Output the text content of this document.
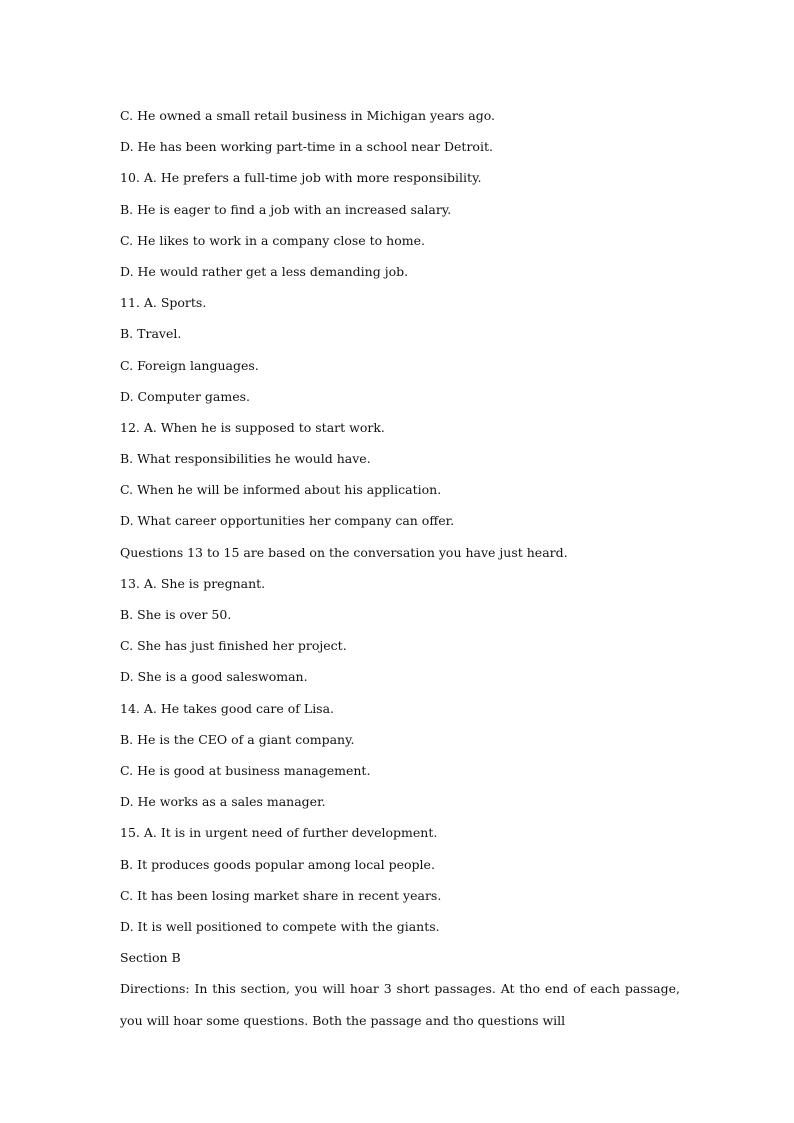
C. He owned a small retail business in Michigan years ago.
D. He has been working part-time in a school near Detroit.
10. A. He prefers a full-time job with more responsibility.
B. He is eager to find a job with an increased salary.
C. He likes to work in a company close to home.
D. He would rather get a less demanding job.
11. A. Sports.
B. Travel.
C. Foreign languages.
D. Computer games.
12. A. When he is supposed to start work.
B. What responsibilities he would have.
C. When he will be informed about his application.
D. What career opportunities her company can offer.
Questions 13 to 15 are based on the conversation you have just heard.
13. A. She is pregnant.
B. She is over 50.
C. She has just finished her project.
D. She is a good saleswoman.
14. A. He takes good care of Lisa.
B. He is the CEO of a giant company.
C. He is good at business management.
D. He works as a sales manager.
15. A. It is in urgent need of further development.
B. It produces goods popular among local people.
C. It has been losing market share in recent years.
D. It is well positioned to compete with the giants.
Section B
Directions: In this section, you will hoar 3 short passages. At tho end of each passage, you will hoar some questions. Both the passage and tho questions will
